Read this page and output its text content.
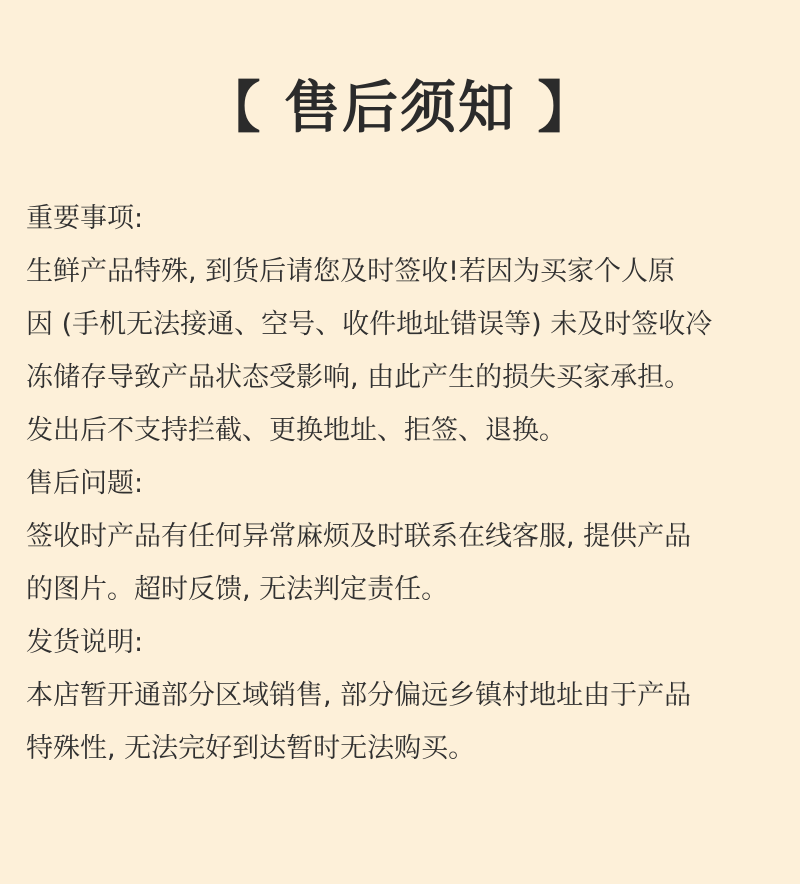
【 售后须知 】

重要事项:

生鲜产品特殊, 到货后请您及时签收!若因为买家个人原

因 (手机无法接通、空号、收件地址错误等) 未及时签收冷

冻储存导致产品状态受影响, 由此产生的损失买家承担。

发出后不支持拦截、更换地址、拒签、退换。

售后问题:

签收时产品有任何异常麻烦及时联系在线客服, 提供产品

的图片。超时反馈, 无法判定责任。

发货说明:

本店暂开通部分区域销售, 部分偏远乡镇村地址由于产品

特殊性, 无法完好到达暂时无法购买。
